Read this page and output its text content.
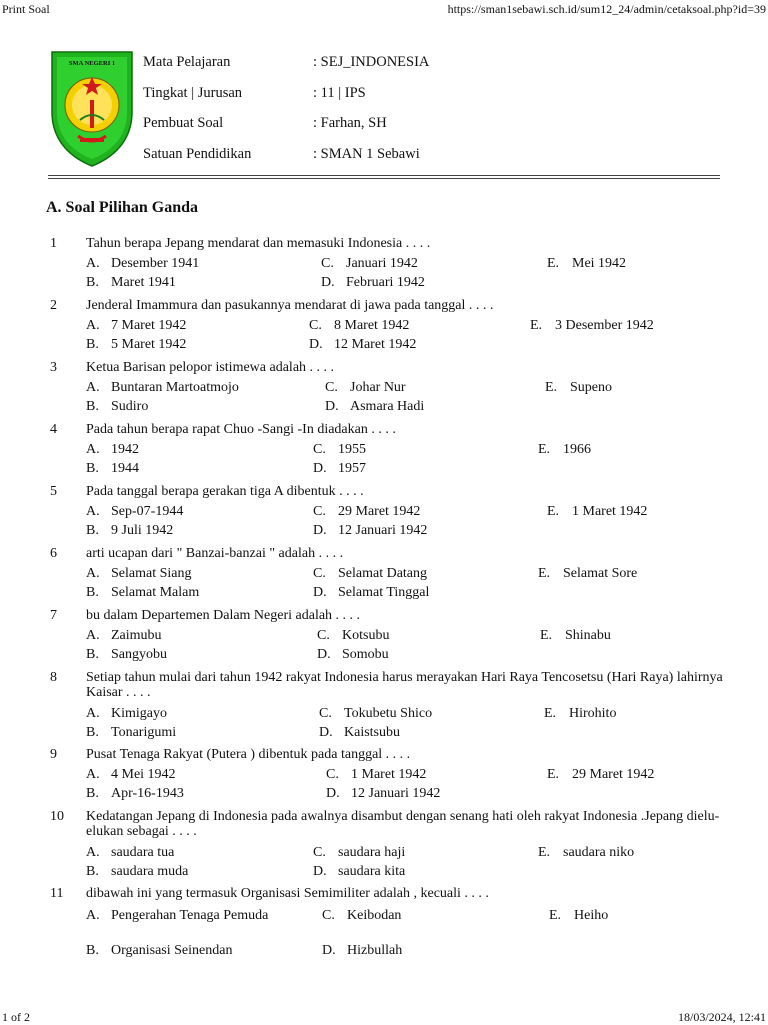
Print Soal	https://sman1sebawi.sch.id/sum12_24/admin/cetaksoal.php?id=39
SMA NEGERI 1 Mata Pelajaran	: SEJ_INDONESIA
Tingkat | Jurusan	: 11 | IPS
Pembuat Soal	: Farhan, SH
Satuan Pendidikan	: SMAN 1 Sebawi
A. Soal Pilihan Ganda
1 Tahun berapa Jepang mendarat dan memasuki Indonesia . . . .
A. Desember 1941	C. Januari 1942	E. Mei 1942
B. Maret 1941	D. Februari 1942
2 Jenderal Imammura dan pasukannya mendarat di jawa pada tanggal . . . .
A. 7 Maret 1942	C. 8 Maret 1942	E. 3 Desember 1942
B. 5 Maret 1942	D. 12 Maret 1942
3 Ketua Barisan pelopor istimewa adalah . . . .
A. Buntaran Martoatmojo	C. Johar Nur	E. Supeno
B. Sudiro	D. Asmara Hadi
4 Pada tahun berapa rapat Chuo -Sangi -In diadakan . . . .
A. 1942	C. 1955	E. 1966
B. 1944	D. 1957
5 Pada tanggal berapa gerakan tiga A dibentuk . . . .
A. Sep-07-1944	C. 29 Maret 1942	E. 1 Maret 1942
B. 9 Juli 1942	D. 12 Januari 1942
6 arti ucapan dari " Banzai-banzai " adalah . . . .
A. Selamat Siang	C. Selamat Datang	E. Selamat Sore
B. Selamat Malam	D. Selamat Tinggal
7 bu dalam Departemen Dalam Negeri adalah . . . .
A. Zaimubu	C. Kotsubu	E. Shinabu
B. Sangyobu	D. Somobu
8 Setiap tahun mulai dari tahun 1942 rakyat Indonesia harus merayakan Hari Raya Tencosetsu (Hari Raya) lahirnya Kaisar . . . .
A. Kimigayo	C. Tokubetu Shico	E. Hirohito
B. Tonarigumi	D. Kaistsubu
9 Pusat Tenaga Rakyat (Putera ) dibentuk pada tanggal . . . .
A. 4 Mei 1942	C. 1 Maret 1942	E. 29 Maret 1942
B. Apr-16-1943	D. 12 Januari 1942
10 Kedatangan Jepang di Indonesia pada awalnya disambut dengan senang hati oleh rakyat Indonesia .Jepang dielu-elukan sebagai . . . .
A. saudara tua	C. saudara haji	E. saudara niko
B. saudara muda	D. saudara kita
11 dibawah ini yang termasuk Organisasi Semimiliter adalah , kecuali . . . .
A. Pengerahan Tenaga Pemuda	C. Keibodan	E. Heiho
B. Organisasi Seinendan	D. Hizbullah
1 of 2	18/03/2024, 12:41
